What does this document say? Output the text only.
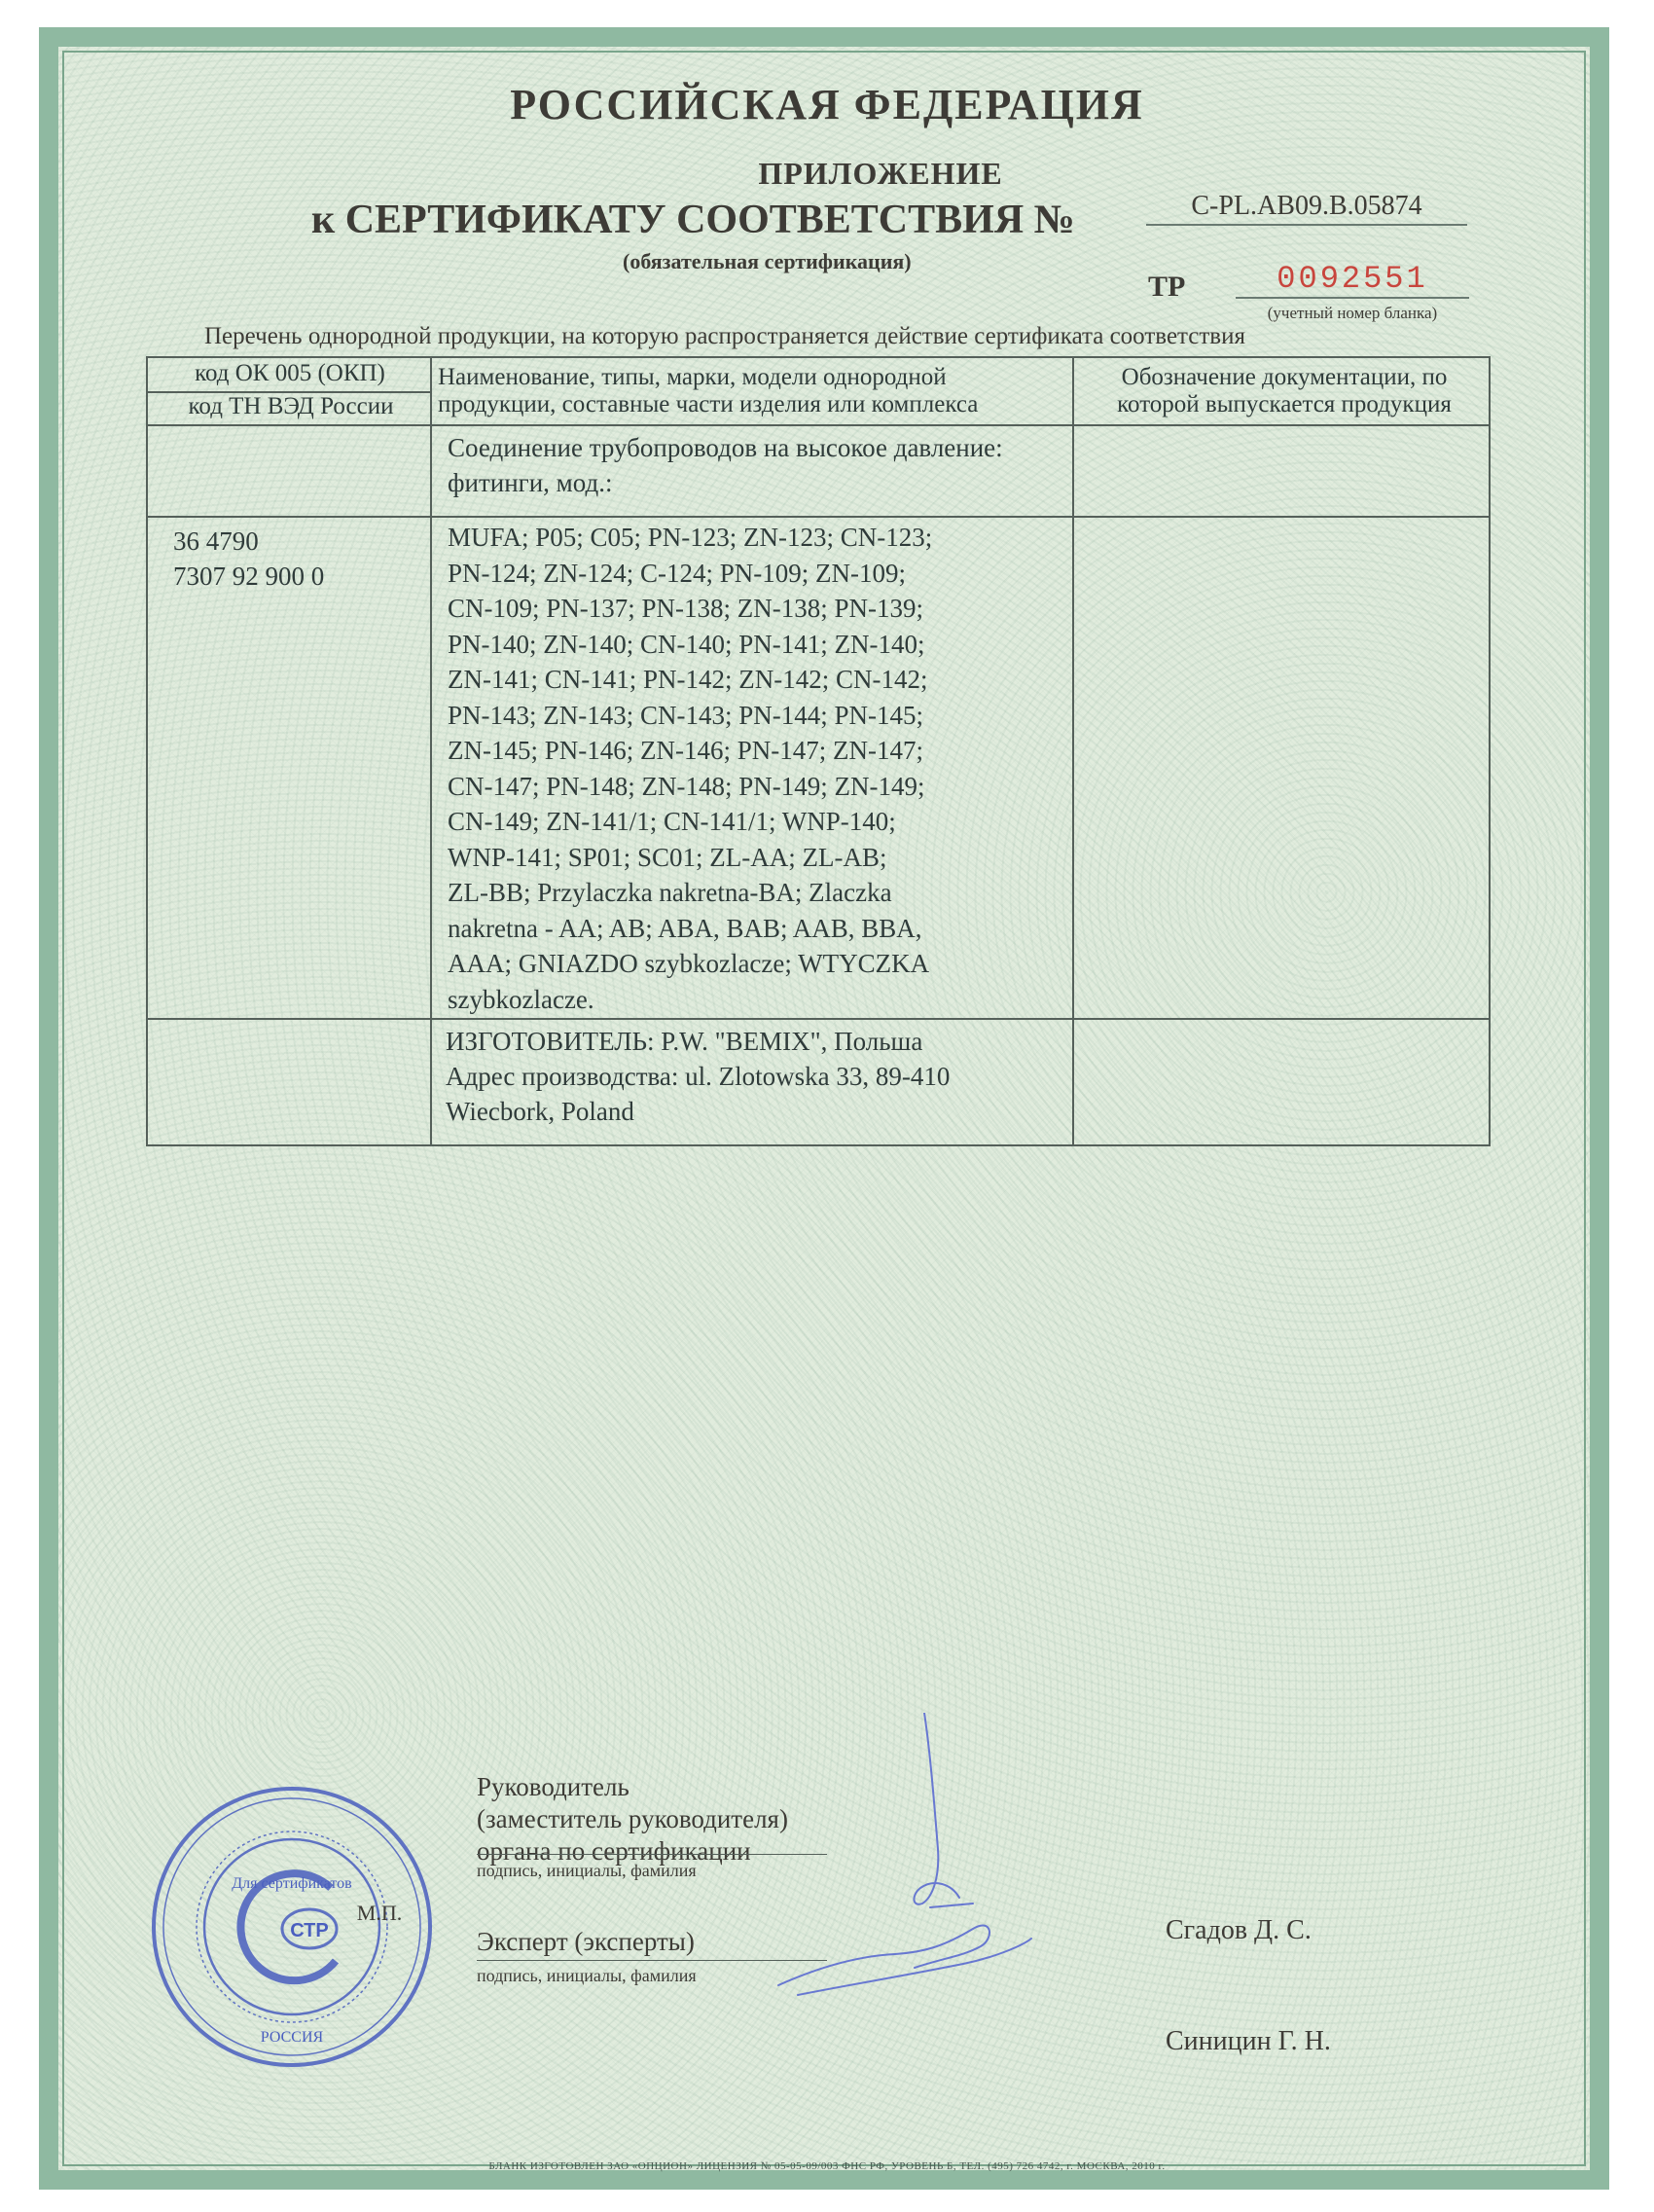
РОССИЙСКАЯ ФЕДЕРАЦИЯ
ПРИЛОЖЕНИЕ
к СЕРТИФИКАТУ СООТВЕТСТВИЯ №	C-PL.AB09.B.05874
(обязательная сертификация)
ТР	0092551
(учетный номер бланка)
Перечень однородной продукции, на которую распространяется действие сертификата соответствия
код ОК 005 (ОКП)
код ТН ВЭД России
Наименование, типы, марки, модели однородной продукции, составные части изделия или комплекса
Обозначение документации, по которой выпускается продукция
Соединение трубопроводов на высокое давление: фитинги, мод.:
36 4790
7307 92 900 0
MUFA; P05; C05; PN-123; ZN-123; CN-123;
PN-124; ZN-124; C-124; PN-109; ZN-109;
CN-109; PN-137; PN-138; ZN-138; PN-139;
PN-140; ZN-140; CN-140; PN-141; ZN-140;
ZN-141; CN-141; PN-142; ZN-142; CN-142;
PN-143; ZN-143; CN-143; PN-144; PN-145;
ZN-145; PN-146; ZN-146; PN-147; ZN-147;
CN-147; PN-148; ZN-148; PN-149; ZN-149;
CN-149; ZN-141/1; CN-141/1; WNP-140;
WNP-141; SP01; SC01; ZL-AA; ZL-AB;
ZL-BB; Przylaczka nakretna-BA; Zlaczka
nakretna - AA; AB; ABA, BAB; AAB, BBA,
AAA; GNIAZDO szybkozlacze; WTYCZKA
szybkozlacze.
ИЗГОТОВИТЕЛЬ: P.W. "BEMIX", Польша
Адрес производства: ul. Zlotowska 33, 89-410
Wiecbork, Poland
Руководитель
(заместитель руководителя)
органа по сертификации
подпись, инициалы, фамилия
Эксперт (эксперты)
подпись, инициалы, фамилия
Сгадов Д. С.
Синицин Г. Н.
Для сертификатов
СТР
РОССИЯ
М.П.
БЛАНК ИЗГОТОВЛЕН ЗАО «ОПЦИОН» ЛИЦЕНЗИЯ № 05-05-09/003 ФНС РФ, УРОВЕНЬ Б, ТЕЛ. (495) 726 4742, г. МОСКВА, 2010 г.
